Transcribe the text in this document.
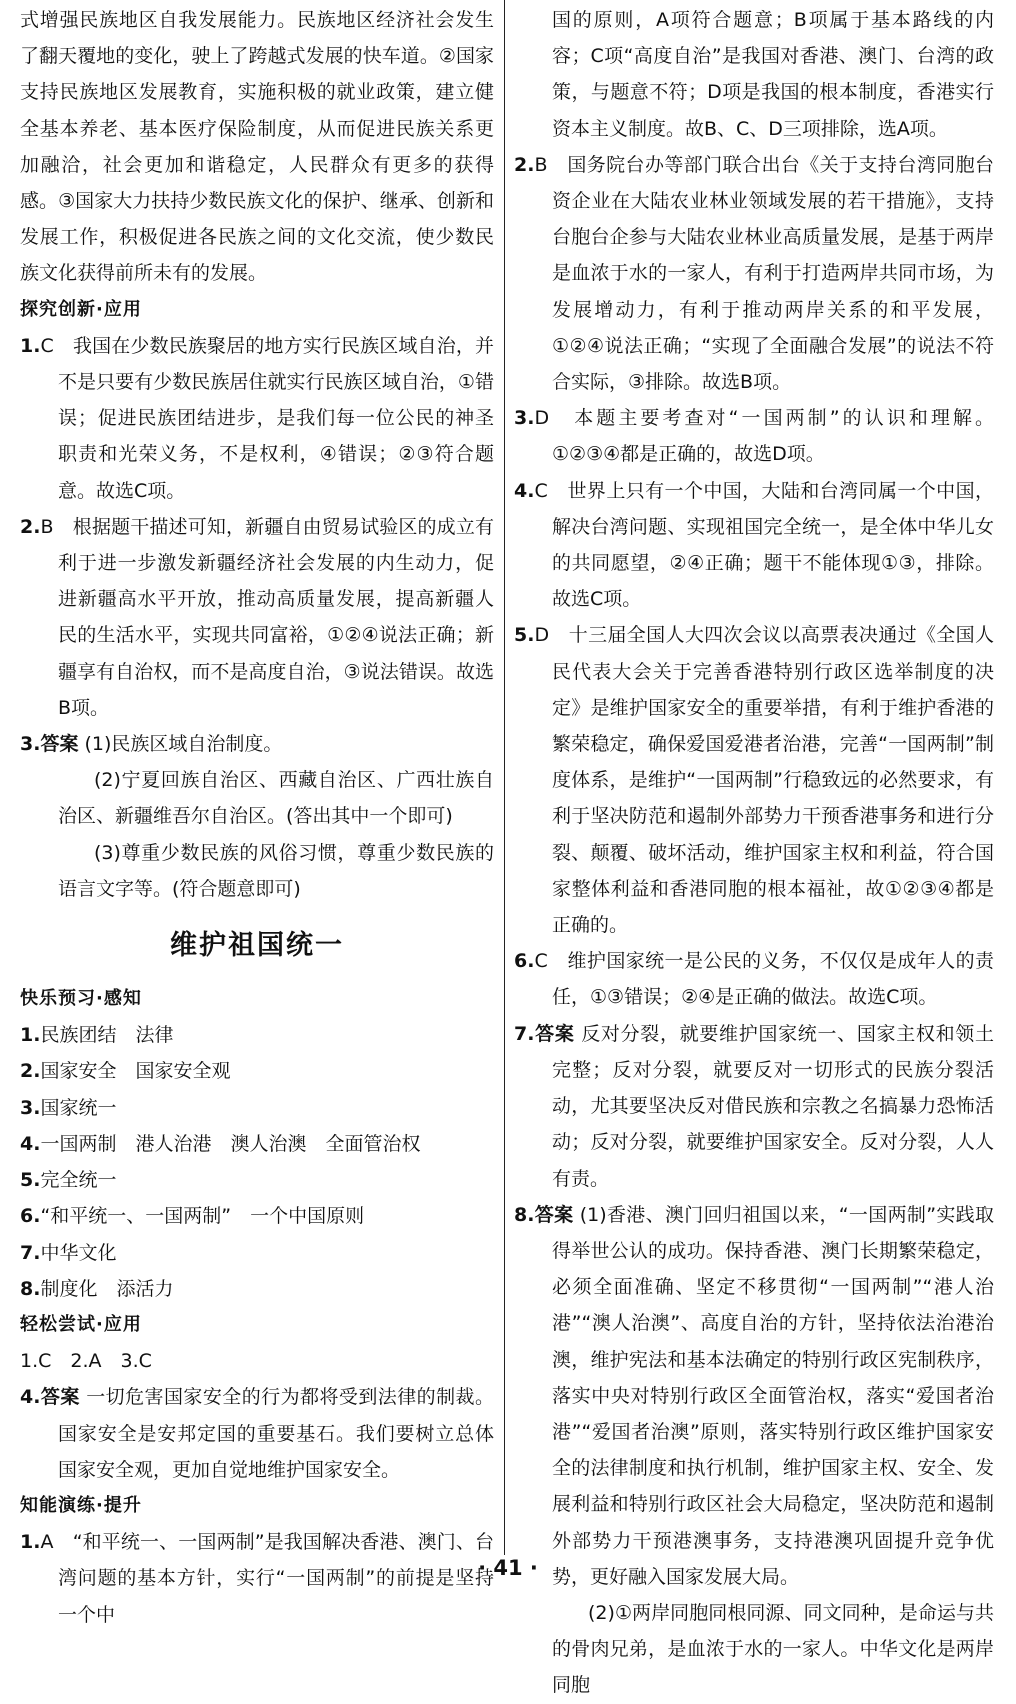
式增强民族地区自我发展能力。民族地区经济社会发生了翻天覆地的变化，驶上了跨越式发展的快车道。②国家支持民族地区发展教育，实施积极的就业政策，建立健全基本养老、基本医疗保险制度，从而促进民族关系更加融洽，社会更加和谐稳定，人民群众有更多的获得感。③国家大力扶持少数民族文化的保护、继承、创新和发展工作，积极促进各民族之间的文化交流，使少数民族文化获得前所未有的发展。

探究创新·应用

1.C　我国在少数民族聚居的地方实行民族区域自治，并不是只要有少数民族居住就实行民族区域自治，①错误；促进民族团结进步，是我们每一位公民的神圣职责和光荣义务，不是权利，④错误；②③符合题意。故选C项。

2.B　根据题干描述可知，新疆自由贸易试验区的成立有利于进一步激发新疆经济社会发展的内生动力，促进新疆高水平开放，推动高质量发展，提高新疆人民的生活水平，实现共同富裕，①②④说法正确；新疆享有自治权，而不是高度自治，③说法错误。故选B项。

3.答案 (1)民族区域自治制度。

(2)宁夏回族自治区、西藏自治区、广西壮族自治区、新疆维吾尔自治区。(答出其中一个即可)

(3)尊重少数民族的风俗习惯，尊重少数民族的语言文字等。(符合题意即可)

维护祖国统一

快乐预习·感知

1.民族团结　法律

2.国家安全　国家安全观

3.国家统一

4.一国两制　港人治港　澳人治澳　全面管治权

5.完全统一

6.“和平统一、一国两制”　一个中国原则

7.中华文化

8.制度化　添活力

轻松尝试·应用

1.C　2.A　3.C

4.答案 一切危害国家安全的行为都将受到法律的制裁。国家安全是安邦定国的重要基石。我们要树立总体国家安全观，更加自觉地维护国家安全。

知能演练·提升

1.A　“和平统一、一国两制”是我国解决香港、澳门、台湾问题的基本方针，实行“一国两制”的前提是坚持一个中

国的原则，A项符合题意；B项属于基本路线的内容；C项“高度自治”是我国对香港、澳门、台湾的政策，与题意不符；D项是我国的根本制度，香港实行资本主义制度。故B、C、D三项排除，选A项。

2.B　国务院台办等部门联合出台《关于支持台湾同胞台资企业在大陆农业林业领域发展的若干措施》，支持台胞台企参与大陆农业林业高质量发展，是基于两岸是血浓于水的一家人，有利于打造两岸共同市场，为发展增动力，有利于推动两岸关系的和平发展，①②④说法正确；“实现了全面融合发展”的说法不符合实际，③排除。故选B项。

3.D　本题主要考查对“一国两制”的认识和理解。①②③④都是正确的，故选D项。

4.C　世界上只有一个中国，大陆和台湾同属一个中国，解决台湾问题、实现祖国完全统一，是全体中华儿女的共同愿望，②④正确；题干不能体现①③，排除。故选C项。

5.D　十三届全国人大四次会议以高票表决通过《全国人民代表大会关于完善香港特别行政区选举制度的决定》是维护国家安全的重要举措，有利于维护香港的繁荣稳定，确保爱国爱港者治港，完善“一国两制”制度体系，是维护“一国两制”行稳致远的必然要求，有利于坚决防范和遏制外部势力干预香港事务和进行分裂、颠覆、破坏活动，维护国家主权和利益，符合国家整体利益和香港同胞的根本福祉，故①②③④都是正确的。

6.C　维护国家统一是公民的义务，不仅仅是成年人的责任，①③错误；②④是正确的做法。故选C项。

7.答案 反对分裂，就要维护国家统一、国家主权和领土完整；反对分裂，就要反对一切形式的民族分裂活动，尤其要坚决反对借民族和宗教之名搞暴力恐怖活动；反对分裂，就要维护国家安全。反对分裂，人人有责。

8.答案 (1)香港、澳门回归祖国以来，“一国两制”实践取得举世公认的成功。保持香港、澳门长期繁荣稳定，必须全面准确、坚定不移贯彻“一国两制”“港人治港”“澳人治澳”、高度自治的方针，坚持依法治港治澳，维护宪法和基本法确定的特别行政区宪制秩序，落实中央对特别行政区全面管治权，落实“爱国者治港”“爱国者治澳”原则，落实特别行政区维护国家安全的法律制度和执行机制，维护国家主权、安全、发展利益和特别行政区社会大局稳定，坚决防范和遏制外部势力干预港澳事务，支持港澳巩固提升竞争优势，更好融入国家发展大局。

(2)①两岸同胞同根同源、同文同种，是命运与共的骨肉兄弟，是血浓于水的一家人。中华文化是两岸同胞

· 41 ·
